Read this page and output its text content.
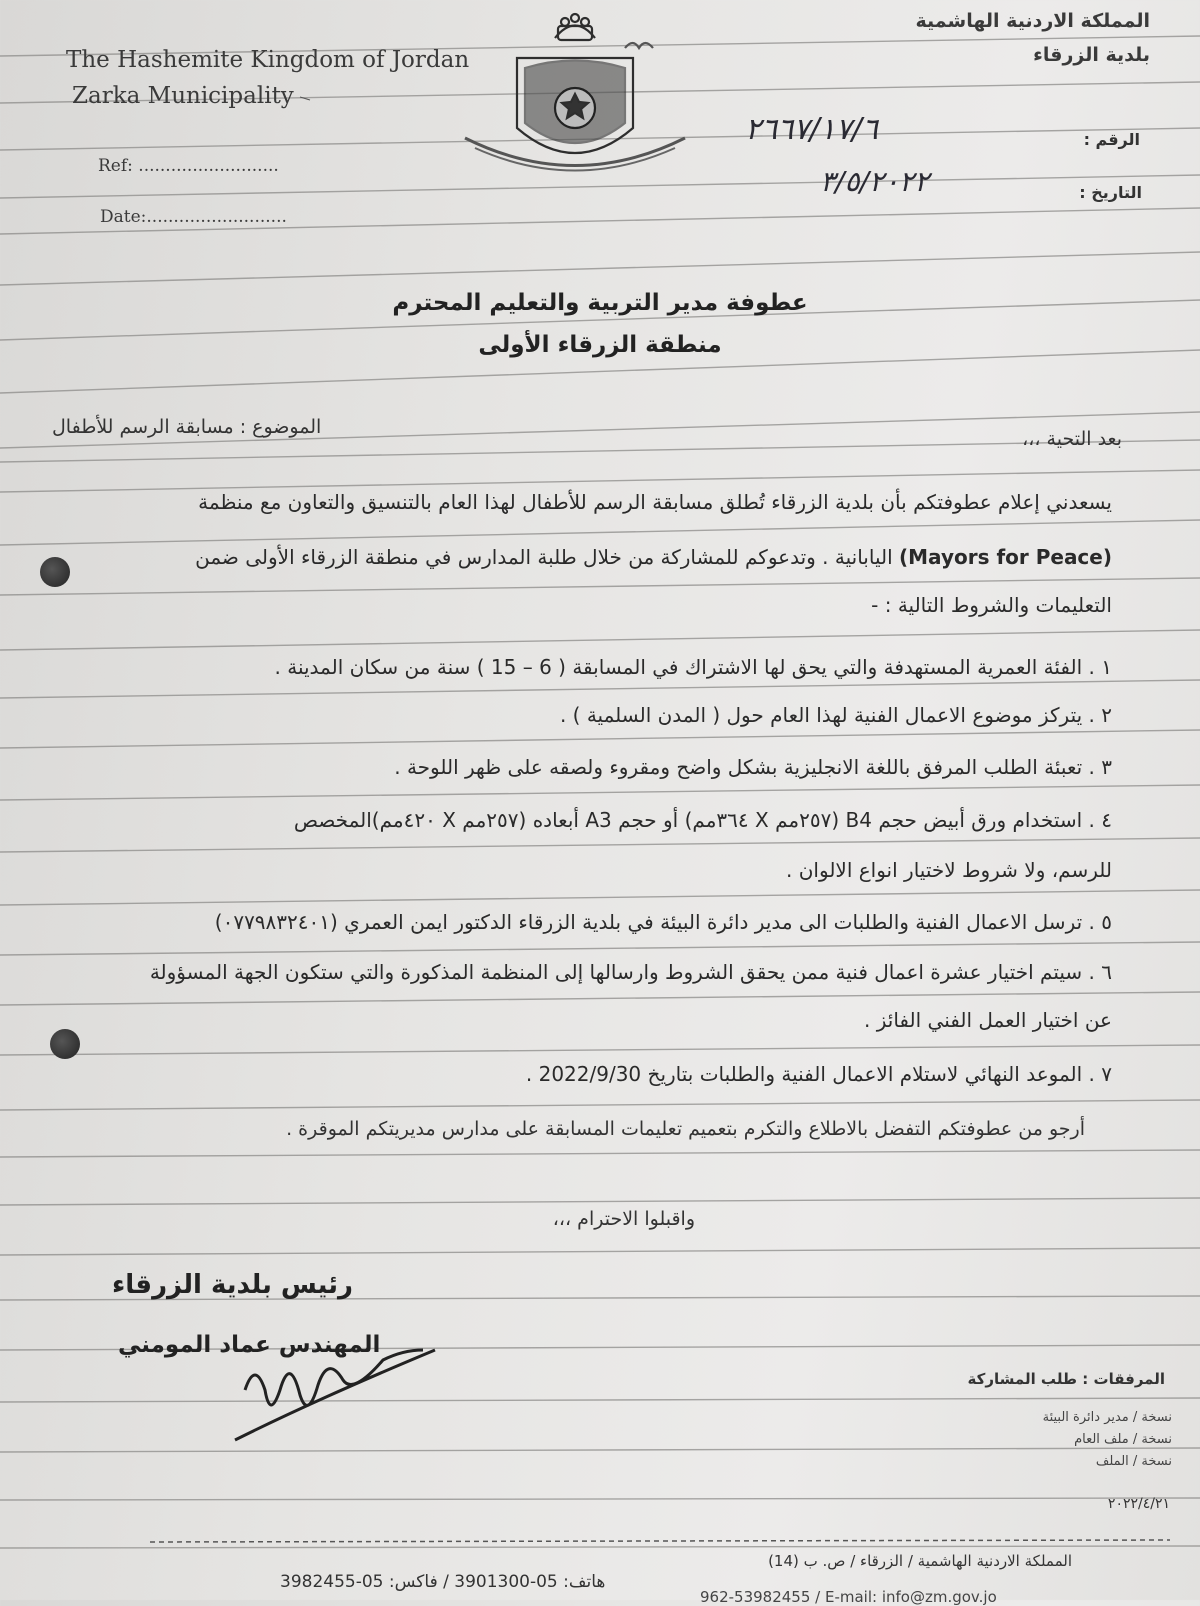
The Hashemite Kingdom of Jordan
Zarka Municipality
Ref: ..........................
Date:..........................
المملكة الاردنية الهاشمية
بلدية الزرقاء
الرقم :
٢٦٦٧/١٧/٦
التاريخ :
٣/٥/٢٠٢٢
عطوفة مدير التربية والتعليم المحترم
منطقة الزرقاء الأولى
الموضوع : مسابقة الرسم للأطفال
بعد التحية ،،،
يسعدني إعلام عطوفتكم بأن بلدية الزرقاء تُطلق مسابقة الرسم للأطفال لهذا العام بالتنسيق والتعاون مع منظمة
(Mayors for Peace) اليابانية . وتدعوكم للمشاركة من خلال طلبة المدارس في منطقة الزرقاء الأولى ضمن
التعليمات والشروط التالية : -
١ . الفئة العمرية المستهدفة والتي يحق لها الاشتراك في المسابقة ( 6 – 15 ) سنة من سكان المدينة .
٢ . يتركز موضوع الاعمال الفنية لهذا العام حول ( المدن السلمية ) .
٣ . تعبئة الطلب المرفق باللغة الانجليزية بشكل واضح ومقروء ولصقه على ظهر اللوحة .
٤ . استخدام ورق أبيض حجم B4 (٢٥٧مم X ٣٦٤مم) أو حجم A3 أبعاده (٢٥٧مم X ٤٢٠مم)المخصص
للرسم، ولا شروط لاختيار انواع الالوان .
٥ . ترسل الاعمال الفنية والطلبات الى مدير دائرة البيئة في بلدية الزرقاء الدكتور ايمن العمري (٠٧٧٩٨٣٢٤٠١)
٦ . سيتم اختيار عشرة اعمال فنية ممن يحقق الشروط وارسالها إلى المنظمة المذكورة والتي ستكون الجهة المسؤولة
عن اختيار العمل الفني الفائز .
٧ . الموعد النهائي لاستلام الاعمال الفنية والطلبات بتاريخ 2022/9/30 .
أرجو من عطوفتكم التفضل بالاطلاع والتكرم بتعميم تعليمات المسابقة على مدارس مديريتكم الموقرة .
واقبلوا الاحترام ،،،
رئيس بلدية الزرقاء
المهندس عماد المومني
المرفقات : طلب المشاركة
نسخة / مدير دائرة البيئة
نسخة / ملف العام
نسخة / الملف
٢٠٢٢/٤/٢١
المملكة الاردنية الهاشمية / الزرقاء / ص. ب (14)
هاتف: 05-3901300 / فاكس: 05-3982455
962-53982455 / E-mail: info@zm.gov.jo
